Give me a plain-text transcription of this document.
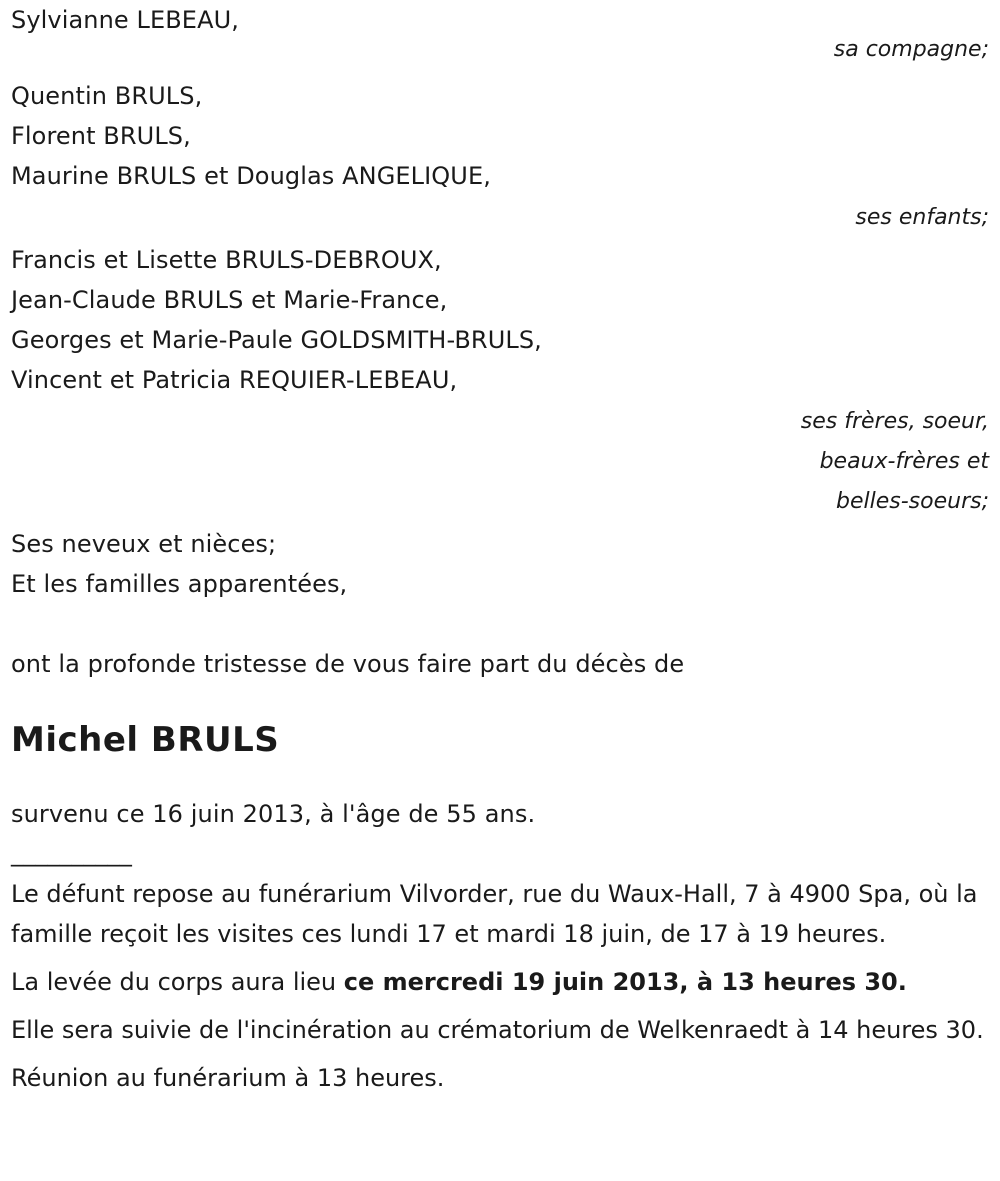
Sylvianne LEBEAU,
sa compagne;
Quentin BRULS,
Florent BRULS,
Maurine BRULS et Douglas ANGELIQUE,
ses enfants;
Francis et Lisette BRULS-DEBROUX,
Jean-Claude BRULS et Marie-France,
Georges et Marie-Paule GOLDSMITH-BRULS,
Vincent et Patricia REQUIER-LEBEAU,
ses frères, soeur,
beaux-frères et
belles-soeurs;
Ses neveux et nièces;
Et les familles apparentées,
ont la profonde tristesse de vous faire part du décès de
Michel BRULS
survenu ce 16 juin 2013, à l'âge de 55 ans.
__________
Le défunt repose au funérarium Vilvorder, rue du Waux-Hall, 7 à 4900 Spa, où la famille reçoit les visites ces lundi 17 et mardi 18 juin, de 17 à 19 heures.
La levée du corps aura lieu ce mercredi 19 juin 2013, à 13 heures 30.
Elle sera suivie de l'incinération au crématorium de Welkenraedt à 14 heures 30.
Réunion au funérarium à 13 heures.
